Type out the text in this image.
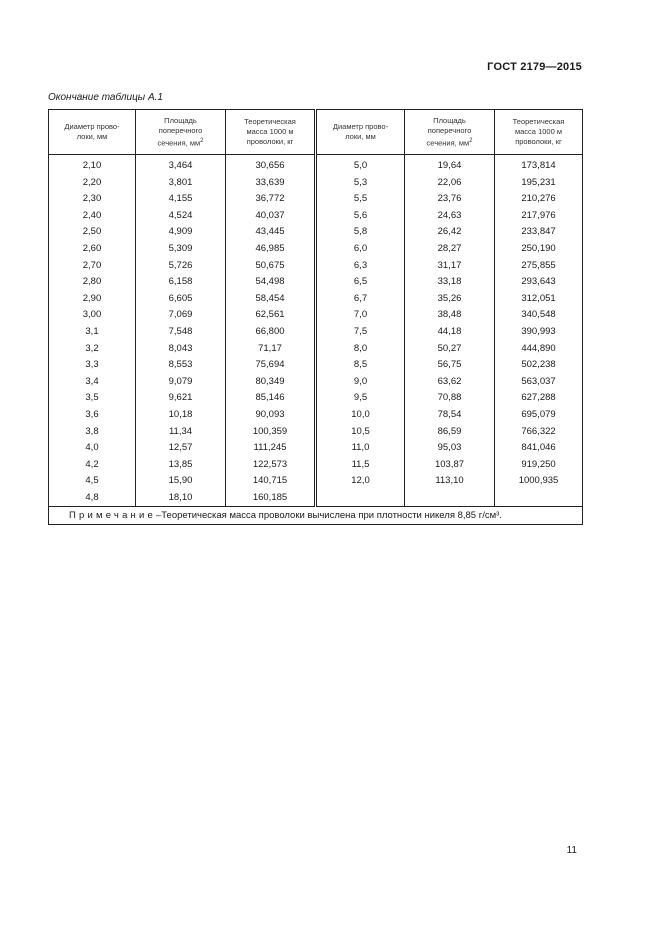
ГОСТ 2179—2015
Окончание таблицы А.1
Диаметр прово-
локи, мм	Площадь
поперечного
сечения, $мм^2$	Теоретическая
масса 1000 м
проволоки, кг	Диаметр прово-
локи, мм	Площадь
поперечного
сечения, $мм^2$	Теоретическая
масса 1000 м
проволоки, кг
2,10	3,464	30,656	5,0	19,64	173,814
2,20	3,801	33,639	5,3	22,06	195,231
2,30	4,155	36,772	5,5	23,76	210,276
2,40	4,524	40,037	5,6	24,63	217,976
2,50	4,909	43,445	5,8	26,42	233,847
2,60	5,309	46,985	6,0	28,27	250,190
2,70	5,726	50,675	6,3	31,17	275,855
2,80	6,158	54,498	6,5	33,18	293,643
2,90	6,605	58,454	6,7	35,26	312,051
3,00	7,069	62,561	7,0	38,48	340,548
3,1	7,548	66,800	7,5	44,18	390,993
3,2	8,043	71,17	8,0	50,27	444,890
3,3	8,553	75,694	8,5	56,75	502,238
3,4	9,079	80,349	9,0	63,62	563,037
3,5	9,621	85,146	9,5	70,88	627,288
3,6	10,18	90,093	10,0	78,54	695,079
3,8	11,34	100,359	10,5	86,59	766,322
4,0	12,57	111,245	11,0	95,03	841,046
4,2	13,85	122,573	11,5	103,87	919,250
4,5	15,90	140,715	12,0	113,10	1000,935
4,8	18,10	160,185			
Примечание–Теоретическая масса проволоки вычислена при плотности никеля 8,85 г/см³.					
11
